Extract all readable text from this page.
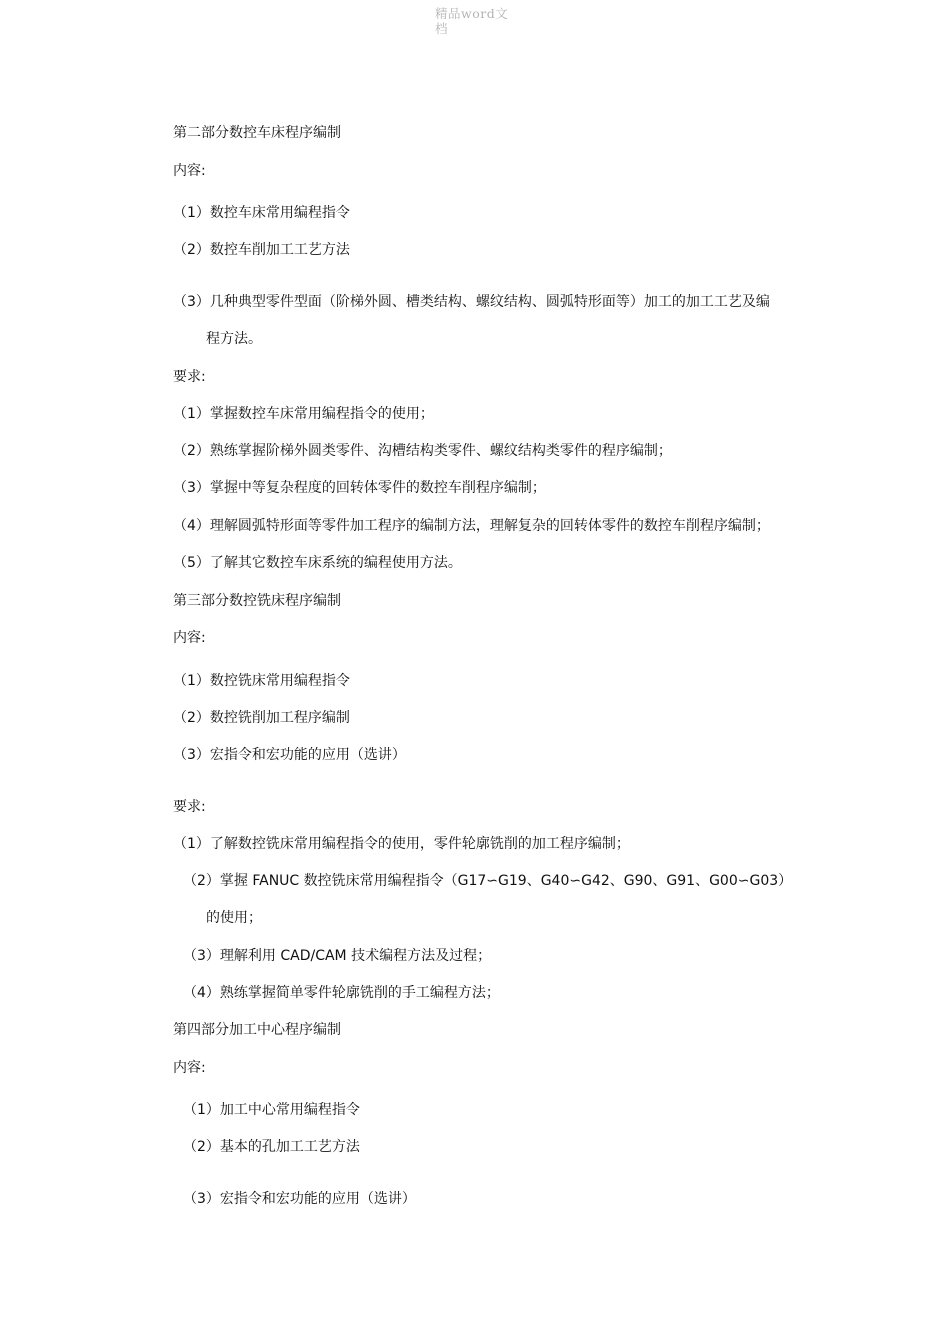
精品word文
档
第二部分数控车床程序编制
内容:
（1）数控车床常用编程指令
（2）数控车削加工工艺方法
（3）几种典型零件型面（阶梯外圆、槽类结构、螺纹结构、圆弧特形面等）加工的加工工艺及编
程方法。
要求:
（1）掌握数控车床常用编程指令的使用；
（2）熟练掌握阶梯外圆类零件、沟槽结构类零件、螺纹结构类零件的程序编制；
（3）掌握中等复杂程度的回转体零件的数控车削程序编制；
（4）理解圆弧特形面等零件加工程序的编制方法，理解复杂的回转体零件的数控车削程序编制；
（5）了解其它数控车床系统的编程使用方法。
第三部分数控铣床程序编制
内容:
（1）数控铣床常用编程指令
（2）数控铣削加工程序编制
（3）宏指令和宏功能的应用（选讲）
要求:
（1）了解数控铣床常用编程指令的使用，零件轮廓铣削的加工程序编制；
（2）掌握 FANUC 数控铣床常用编程指令（G17∽G19、G40∽G42、G90、G91、G00∽G03）
的使用；
（3）理解利用 CAD/CAM 技术编程方法及过程；
（4）熟练掌握简单零件轮廓铣削的手工编程方法；
第四部分加工中心程序编制
内容:
（1）加工中心常用编程指令
（2）基本的孔加工工艺方法
（3）宏指令和宏功能的应用（选讲）
